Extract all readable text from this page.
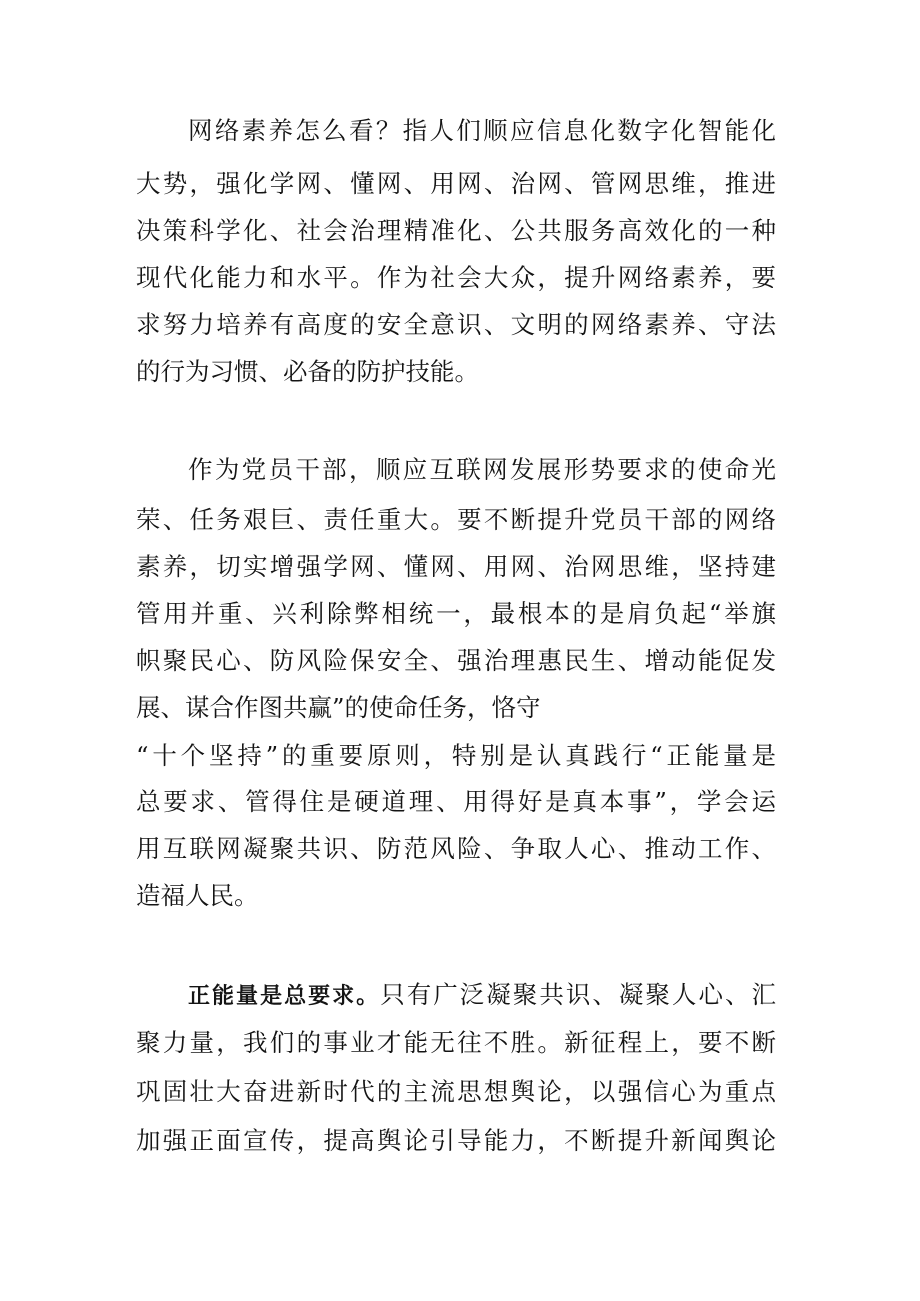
网络素养怎么看？指人们顺应信息化数字化智能化
大势，强化学网、懂网、用网、治网、管网思维，推进
决策科学化、社会治理精准化、公共服务高效化的一种
现代化能力和水平。作为社会大众，提升网络素养，要
求努力培养有高度的安全意识、文明的网络素养、守法
的行为习惯、必备的防护技能。
作为党员干部，顺应互联网发展形势要求的使命光
荣、任务艰巨、责任重大。要不断提升党员干部的网络
素养，切实增强学网、懂网、用网、治网思维，坚持建
管用并重、兴利除弊相统一，最根本的是肩负起“举旗
帜聚民心、防风险保安全、强治理惠民生、增动能促发
展、谋合作图共赢”的使命任务，恪守
“十个坚持”的重要原则，特别是认真践行“正能量是
总要求、管得住是硬道理、用得好是真本事”，学会运
用互联网凝聚共识、防范风险、争取人心、推动工作、
造福人民。
正能量是总要求。只有广泛凝聚共识、凝聚人心、汇
聚力量，我们的事业才能无往不胜。新征程上，要不断
巩固壮大奋进新时代的主流思想舆论，以强信心为重点
加强正面宣传，提高舆论引导能力，不断提升新闻舆论
